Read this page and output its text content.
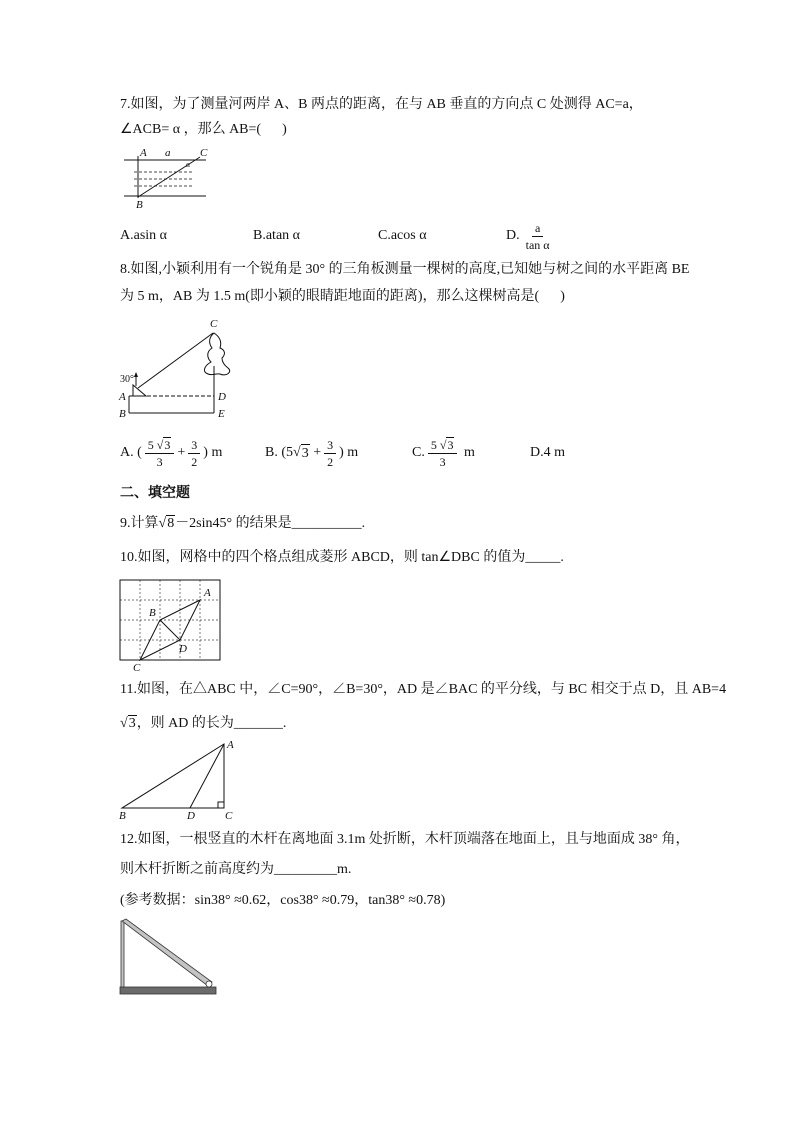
7.如图，为了测量河两岸 A、B 两点的距离，在与 AB 垂直的方向点 C 处测得 AC=a，
∠ACB= α ，那么 AB=(      )
A a	C
α
B
A.asin α	B.atan α	C.acos α	D. $\frac{a}{\text{tan α}}$
8.如图,小颖利用有一个锐角是 30° 的三角板测量一棵树的高度,已知她与树之间的水平距离 BE
为 5 m，AB 为 1.5 m(即小颖的眼睛距地面的距离)，那么这棵树高是(      )
C
30°
A
B
D
E
A. ( $\frac{5 √3}{3} + \frac{3}{2}$ ) m	B. (5 √ $3 + \frac{3}{2}$ ) m	C. $\frac{5 √3}{3}$ m	D.4 m
二、填空题
9.计算√8－2sin45° 的结果是__________.
10.如图，网格中的四个格点组成菱形 ABCD，则 tan∠DBC 的值为_____.
A
B
D
C
11.如图，在△ABC 中，∠C=90°，∠B=30°，AD 是∠BAC 的平分线，与 BC 相交于点 D，且 AB=4
√3，则 AD 的长为_______.
A
B	D	C
12.如图，一根竖直的木杆在离地面 3.1m 处折断，木杆顶端落在地面上，且与地面成 38° 角，
则木杆折断之前高度约为_________m.
(参考数据：sin38° ≈0.62，cos38° ≈0.79，tan38° ≈0.78)
